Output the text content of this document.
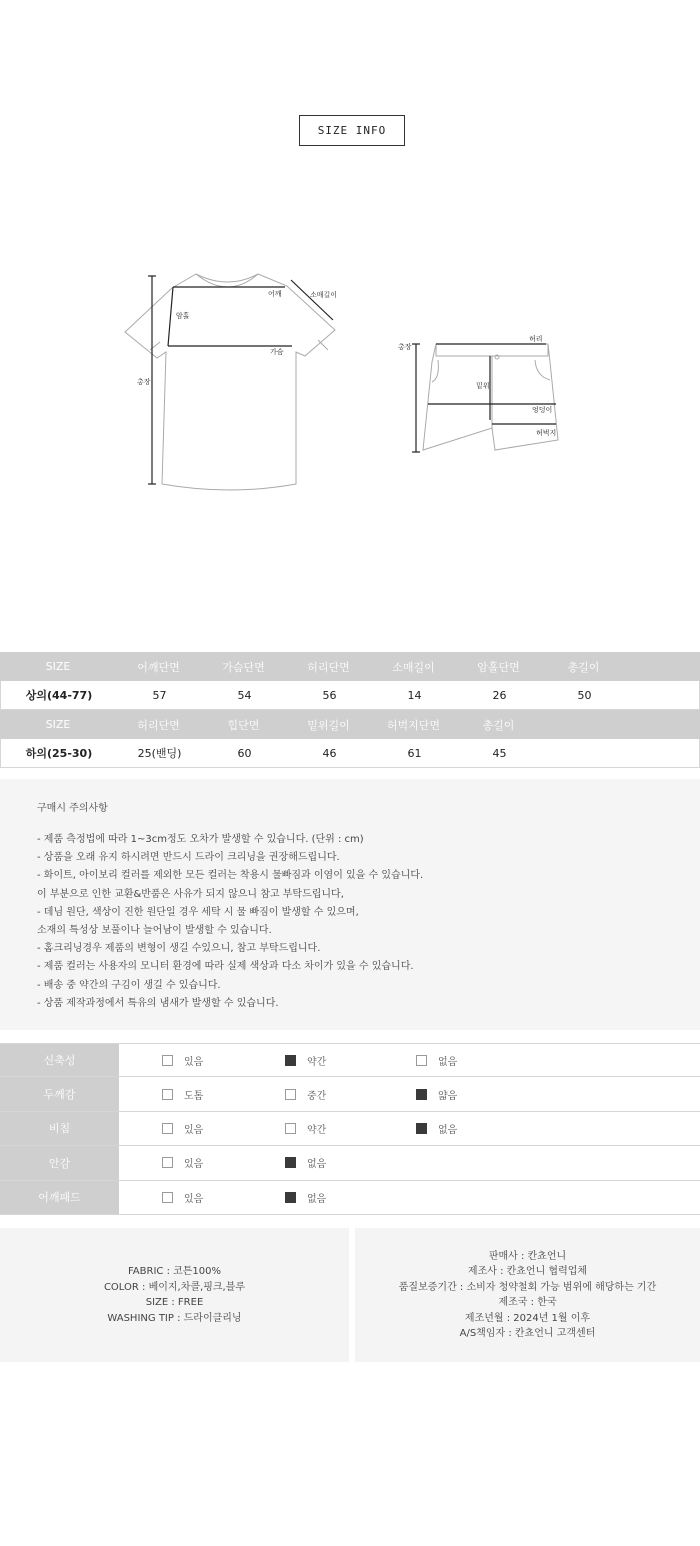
SIZE INFO
어깨	소매길이
암홀
가슴
총장
허리
밑위
엉덩이
허벅지
총장
SIZE	어깨단면	가슴단면	허리단면	소매길이	암홀단면	총길이
상의(44-77)	57	54	56	14	26	50
SIZE	허리단면	힙단면	밑위길이	허벅지단면	총길이
하의(25-30)	25(밴딩)	60	46	61	45
구매시 주의사항
- 제품 측정법에 따라 1~3cm정도 오차가 발생할 수 있습니다. (단위 : cm)
- 상품을 오래 유지 하시려면 반드시 드라이 크리닝을 권장해드립니다.
- 화이트, 아이보리 컬러를 제외한 모든 컬러는 착용시 물빠짐과 이염이 있을 수 있습니다.
이 부분으로 인한 교환&반품은 사유가 되지 않으니 참고 부탁드립니다,
- 데님 원단, 색상이 진한 원단일 경우 세탁 시 물 빠짐이 발생할 수 있으며,
소재의 특성상 보풀이나 늘어남이 발생할 수 있습니다.
- 홈크리닝경우 제품의 변형이 생길 수있으니, 참고 부탁드립니다.
- 제품 컬러는 사용자의 모니터 환경에 따라 실제 색상과 다소 차이가 있을 수 있습니다.
- 배송 중 약간의 구김이 생길 수 있습니다.
- 상품 제작과정에서 특유의 냄새가 발생할 수 있습니다.
신축성	있음	약간	없음
두께감	도톰	중간	얇음
비침	있음	약간	없음
안감	있음	없음
어깨패드	있음	없음
FABRIC : 코튼100%
COLOR : 베이지,차콜,핑크,블루
SIZE : FREE
WASHING TIP : 드라이클리닝
판매사 : 칸쵸언니
제조사 : 칸쵸언니 협력업체
품질보증기간 : 소비자 청약철회 가능 범위에 해당하는 기간
제조국 : 한국
제조년월 : 2024년 1월 이후
A/S책임자 : 칸쵸언니 고객센터
